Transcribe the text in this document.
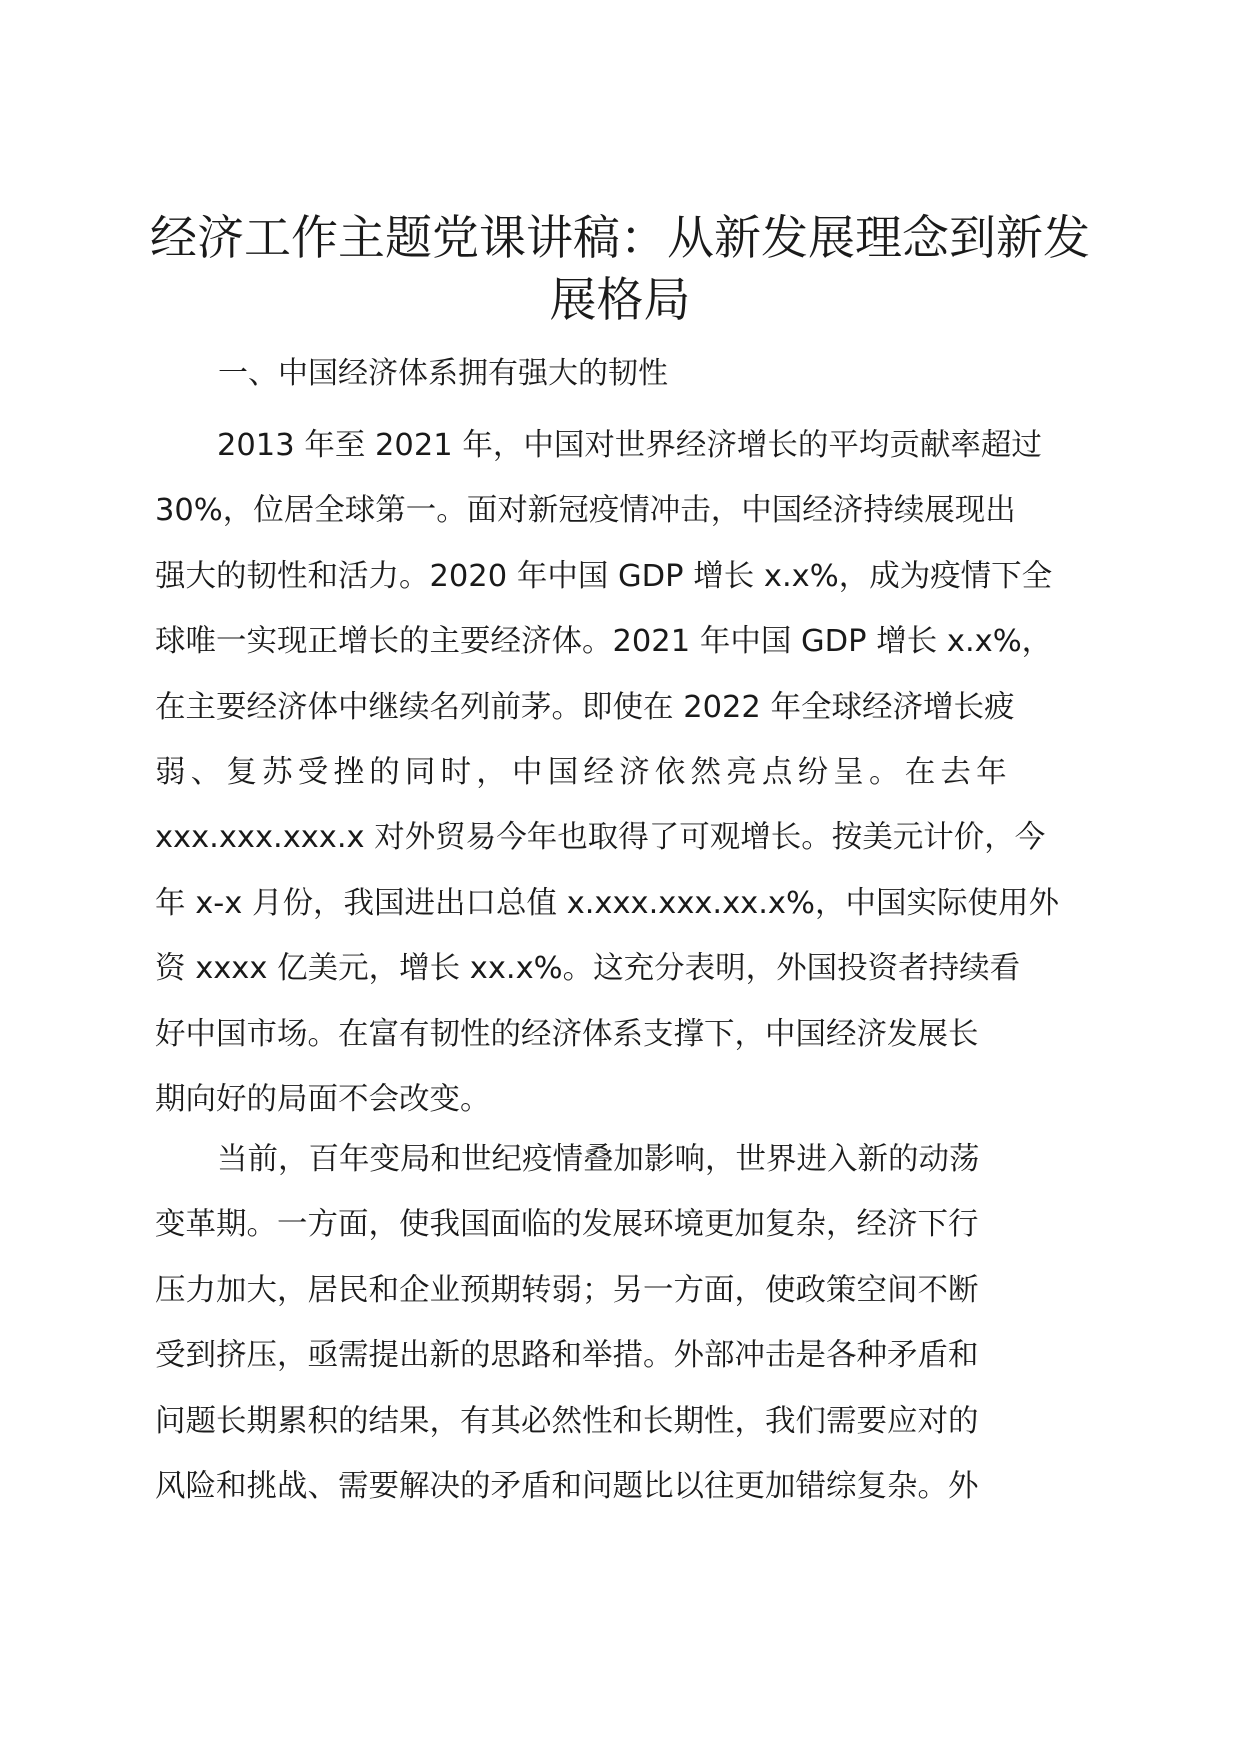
经济工作主题党课讲稿：从新发展理念到新发
展格局
一、中国经济体系拥有强大的韧性
2013 年至 2021 年，中国对世界经济增长的平均贡献率超过
30%，位居全球第一。面对新冠疫情冲击，中国经济持续展现出
强大的韧性和活力。2020 年中国 GDP 增长 x.x%，成为疫情下全
球唯一实现正增长的主要经济体。2021 年中国 GDP 增长 x.x%，
在主要经济体中继续名列前茅。即使在 2022 年全球经济增长疲
弱、复苏受挫的同时，中国经济依然亮点纷呈。在去年
xxx.xxx.xxx.x 对外贸易今年也取得了可观增长。按美元计价，今
年 x-x 月份，我国进出口总值 x.xxx.xxx.xx.x%，中国实际使用外
资 xxxx 亿美元，增长 xx.x%。这充分表明，外国投资者持续看
好中国市场。在富有韧性的经济体系支撑下，中国经济发展长
期向好的局面不会改变。
当前，百年变局和世纪疫情叠加影响，世界进入新的动荡
变革期。一方面，使我国面临的发展环境更加复杂，经济下行
压力加大，居民和企业预期转弱；另一方面，使政策空间不断
受到挤压，亟需提出新的思路和举措。外部冲击是各种矛盾和
问题长期累积的结果，有其必然性和长期性，我们需要应对的
风险和挑战、需要解决的矛盾和问题比以往更加错综复杂。外
